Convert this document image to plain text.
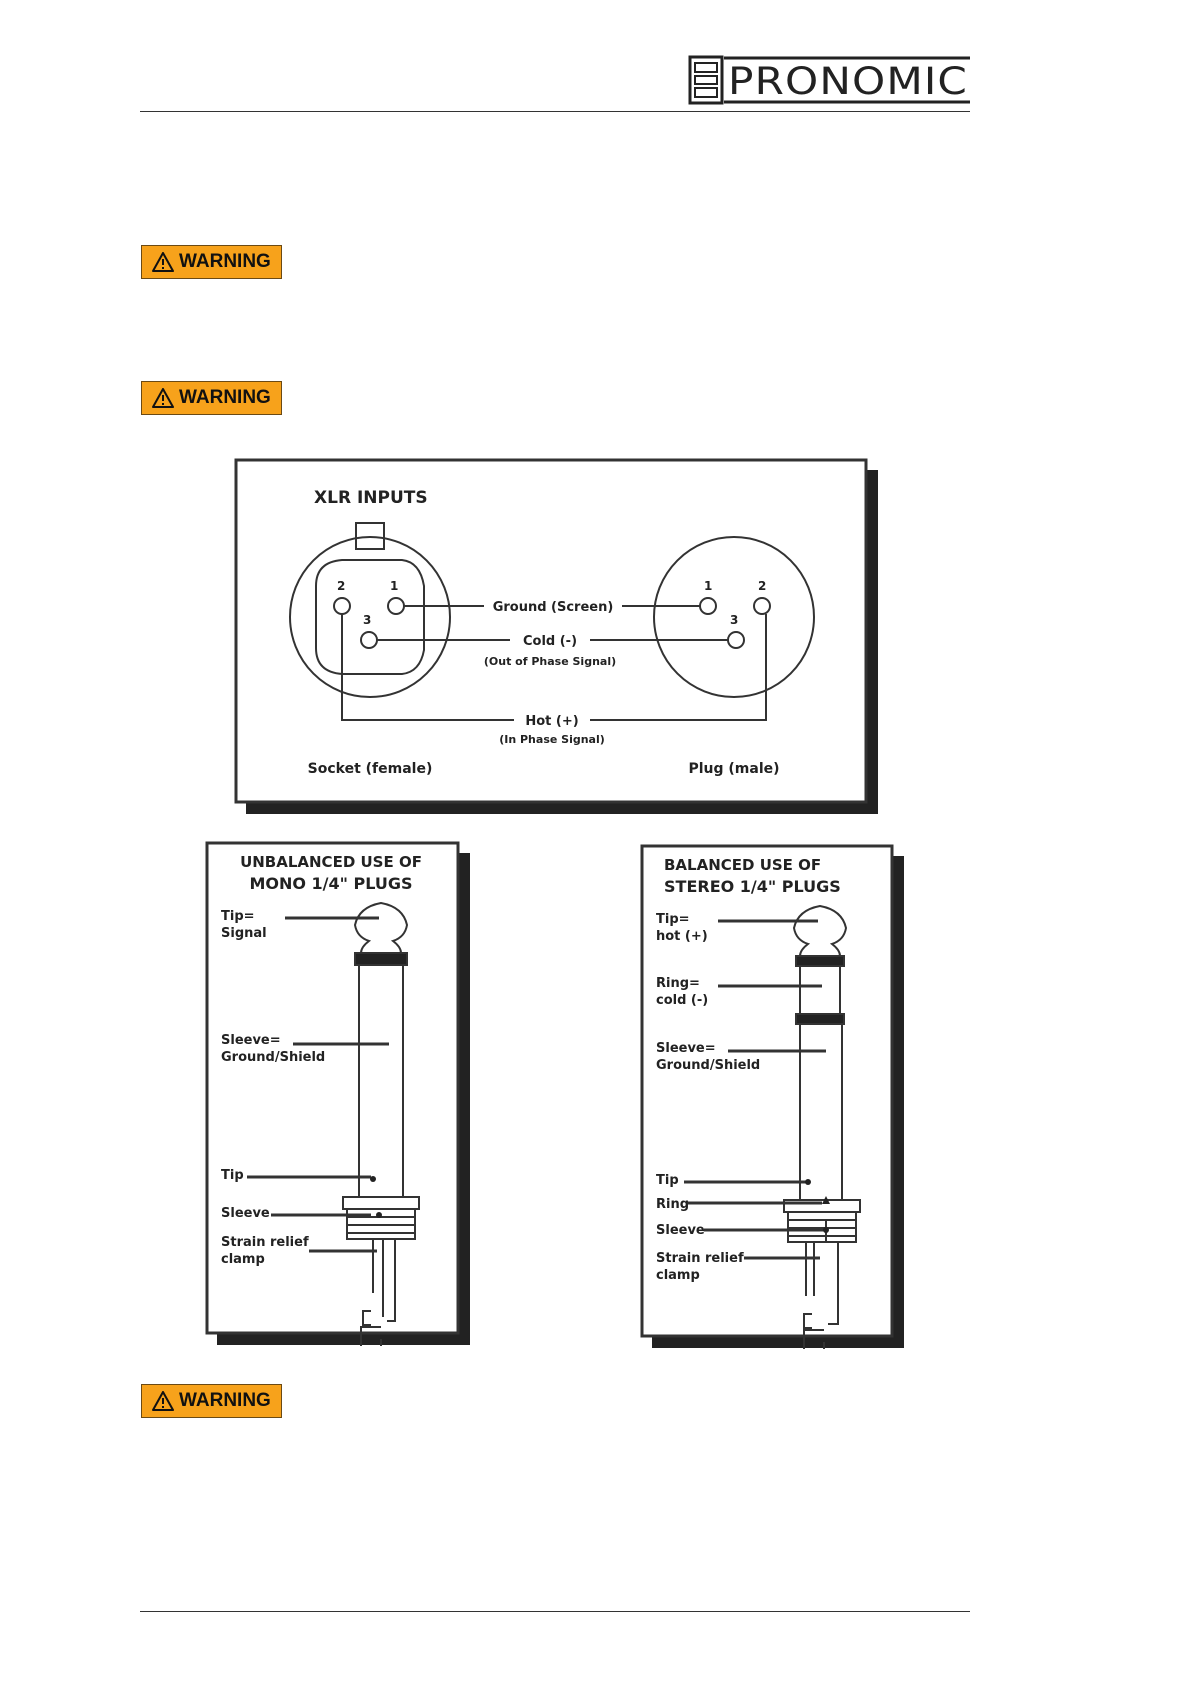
PRONOMIC
WARNING
WARNING
WARNING
XLR INPUTS
2	1
3
1	2
3
Ground (Screen)
Cold (-)
(Out of Phase Signal)
Hot (+)
(In Phase Signal)
Socket (female)	Plug (male)
UNBALANCED USE OF
MONO 1/4" PLUGS
Tip=
Signal
Sleeve=
Ground/Shield
Tip
Sleeve
Strain relief
clamp
BALANCED USE OF
STEREO 1/4" PLUGS
Tip=
hot (+)
Ring=
cold (-)
Sleeve=
Ground/Shield
Tip
Ring
Sleeve
Strain relief
clamp
